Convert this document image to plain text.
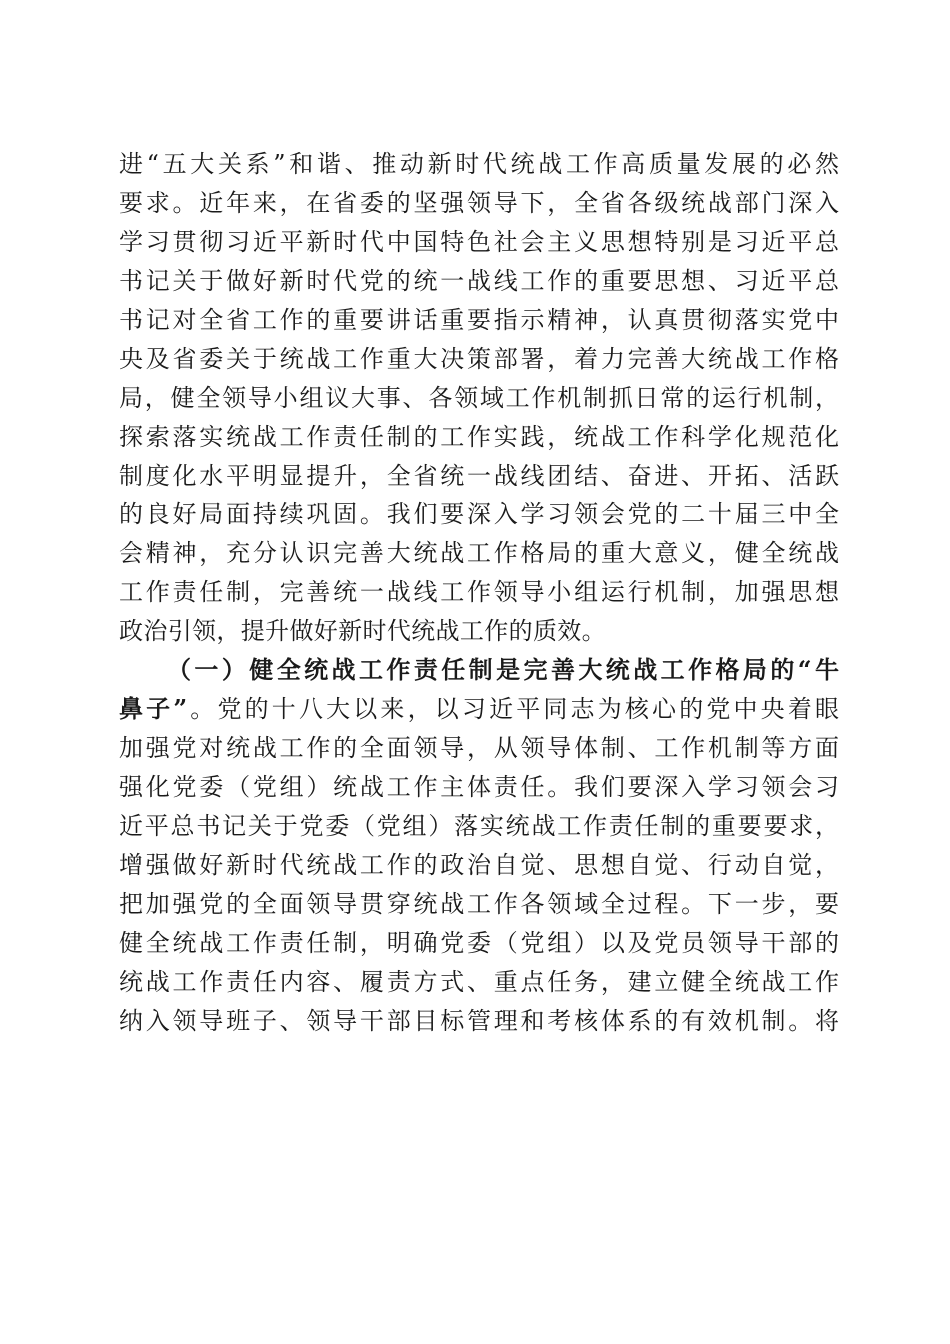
进“五大关系”和谐、推动新时代统战工作高质量发展的必然
要求。近年来，在省委的坚强领导下，全省各级统战部门深入
学习贯彻习近平新时代中国特色社会主义思想特别是习近平总
书记关于做好新时代党的统一战线工作的重要思想、习近平总
书记对全省工作的重要讲话重要指示精神，认真贯彻落实党中
央及省委关于统战工作重大决策部署，着力完善大统战工作格
局，健全领导小组议大事、各领域工作机制抓日常的运行机制，
探索落实统战工作责任制的工作实践，统战工作科学化规范化
制度化水平明显提升，全省统一战线团结、奋进、开拓、活跃
的良好局面持续巩固。我们要深入学习领会党的二十届三中全
会精神，充分认识完善大统战工作格局的重大意义，健全统战
工作责任制，完善统一战线工作领导小组运行机制，加强思想
政治引领，提升做好新时代统战工作的质效。
（一）健全统战工作责任制是完善大统战工作格局的“牛
鼻子”。党的十八大以来，以习近平同志为核心的党中央着眼
加强党对统战工作的全面领导，从领导体制、工作机制等方面
强化党委（党组）统战工作主体责任。我们要深入学习领会习
近平总书记关于党委（党组）落实统战工作责任制的重要要求，
增强做好新时代统战工作的政治自觉、思想自觉、行动自觉，
把加强党的全面领导贯穿统战工作各领域全过程。下一步，要
健全统战工作责任制，明确党委（党组）以及党员领导干部的
统战工作责任内容、履责方式、重点任务，建立健全统战工作
纳入领导班子、领导干部目标管理和考核体系的有效机制。将
